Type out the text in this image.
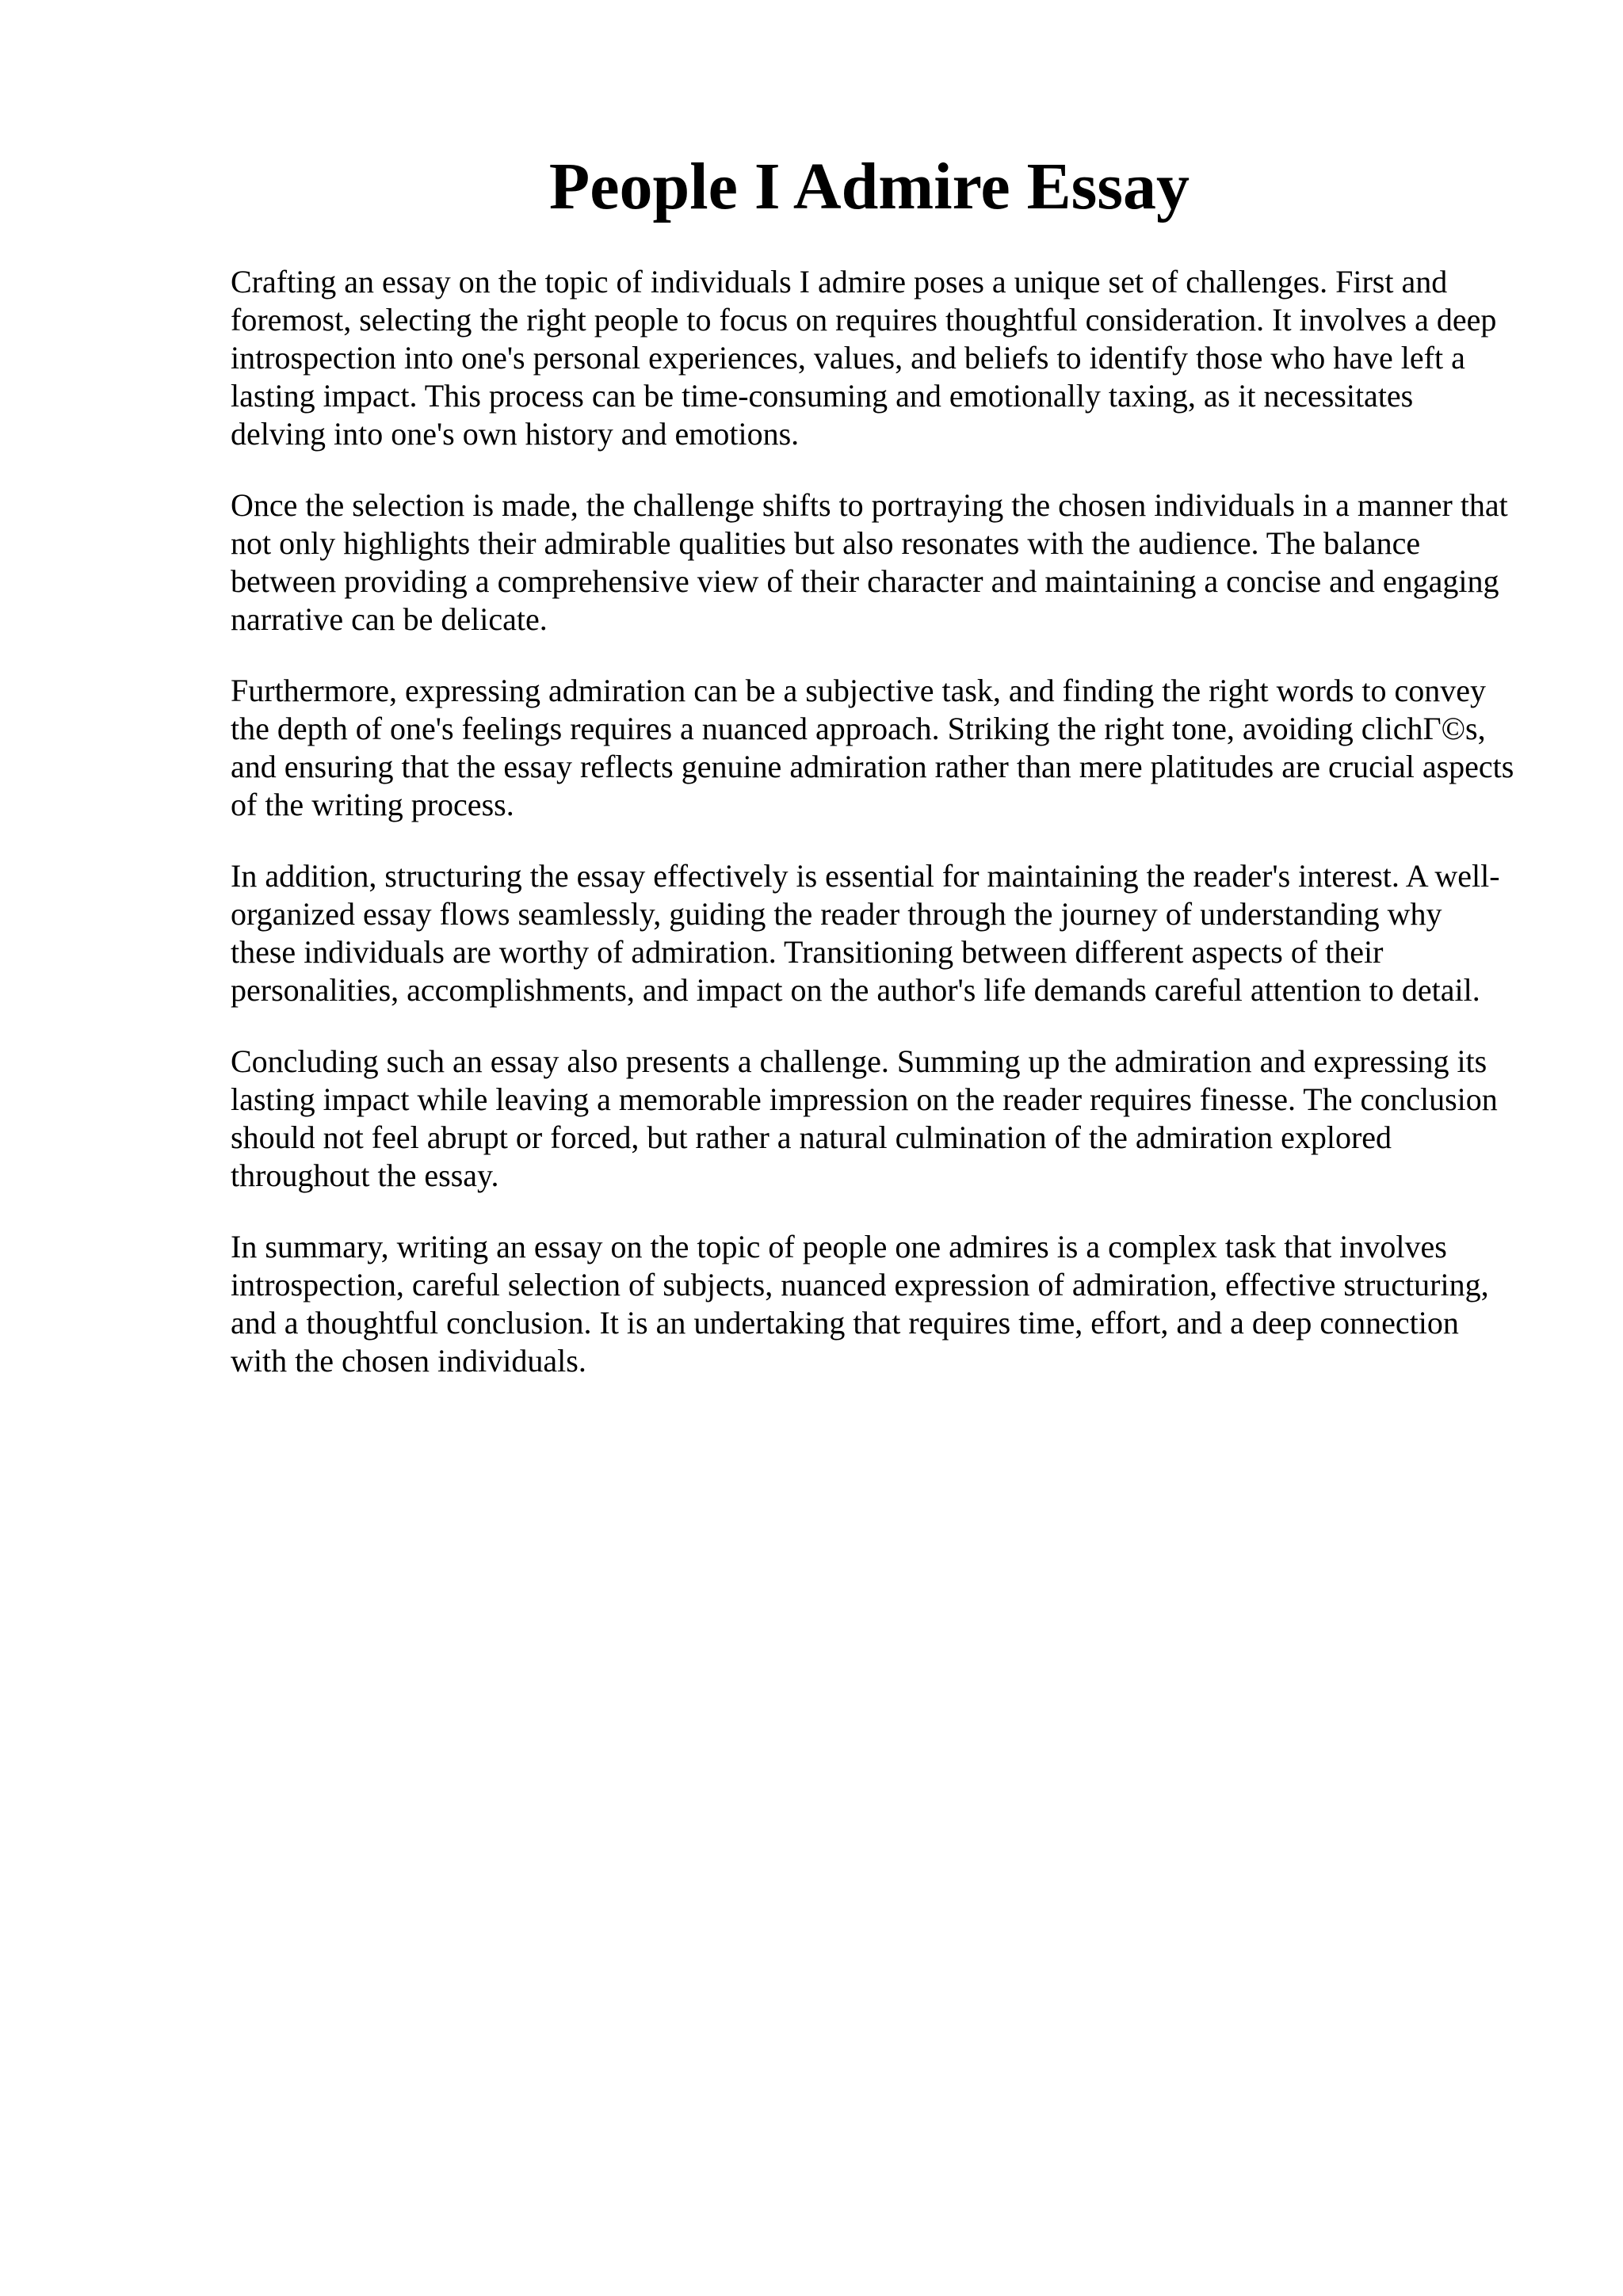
People I Admire Essay

Crafting an essay on the topic of individuals I admire poses a unique set of challenges. First and foremost, selecting the right people to focus on requires thoughtful consideration. It involves a deep introspection into one's personal experiences, values, and beliefs to identify those who have left a lasting impact. This process can be time-consuming and emotionally taxing, as it necessitates delving into one's own history and emotions.

Once the selection is made, the challenge shifts to portraying the chosen individuals in a manner that not only highlights their admirable qualities but also resonates with the audience. The balance between providing a comprehensive view of their character and maintaining a concise and engaging narrative can be delicate.

Furthermore, expressing admiration can be a subjective task, and finding the right words to convey the depth of one's feelings requires a nuanced approach. Striking the right tone, avoiding clichΓ©s, and ensuring that the essay reflects genuine admiration rather than mere platitudes are crucial aspects of the writing process.

In addition, structuring the essay effectively is essential for maintaining the reader's interest. A well-organized essay flows seamlessly, guiding the reader through the journey of understanding why these individuals are worthy of admiration. Transitioning between different aspects of their personalities, accomplishments, and impact on the author's life demands careful attention to detail.

Concluding such an essay also presents a challenge. Summing up the admiration and expressing its lasting impact while leaving a memorable impression on the reader requires finesse. The conclusion should not feel abrupt or forced, but rather a natural culmination of the admiration explored throughout the essay.

In summary, writing an essay on the topic of people one admires is a complex task that involves introspection, careful selection of subjects, nuanced expression of admiration, effective structuring, and a thoughtful conclusion. It is an undertaking that requires time, effort, and a deep connection with the chosen individuals.
